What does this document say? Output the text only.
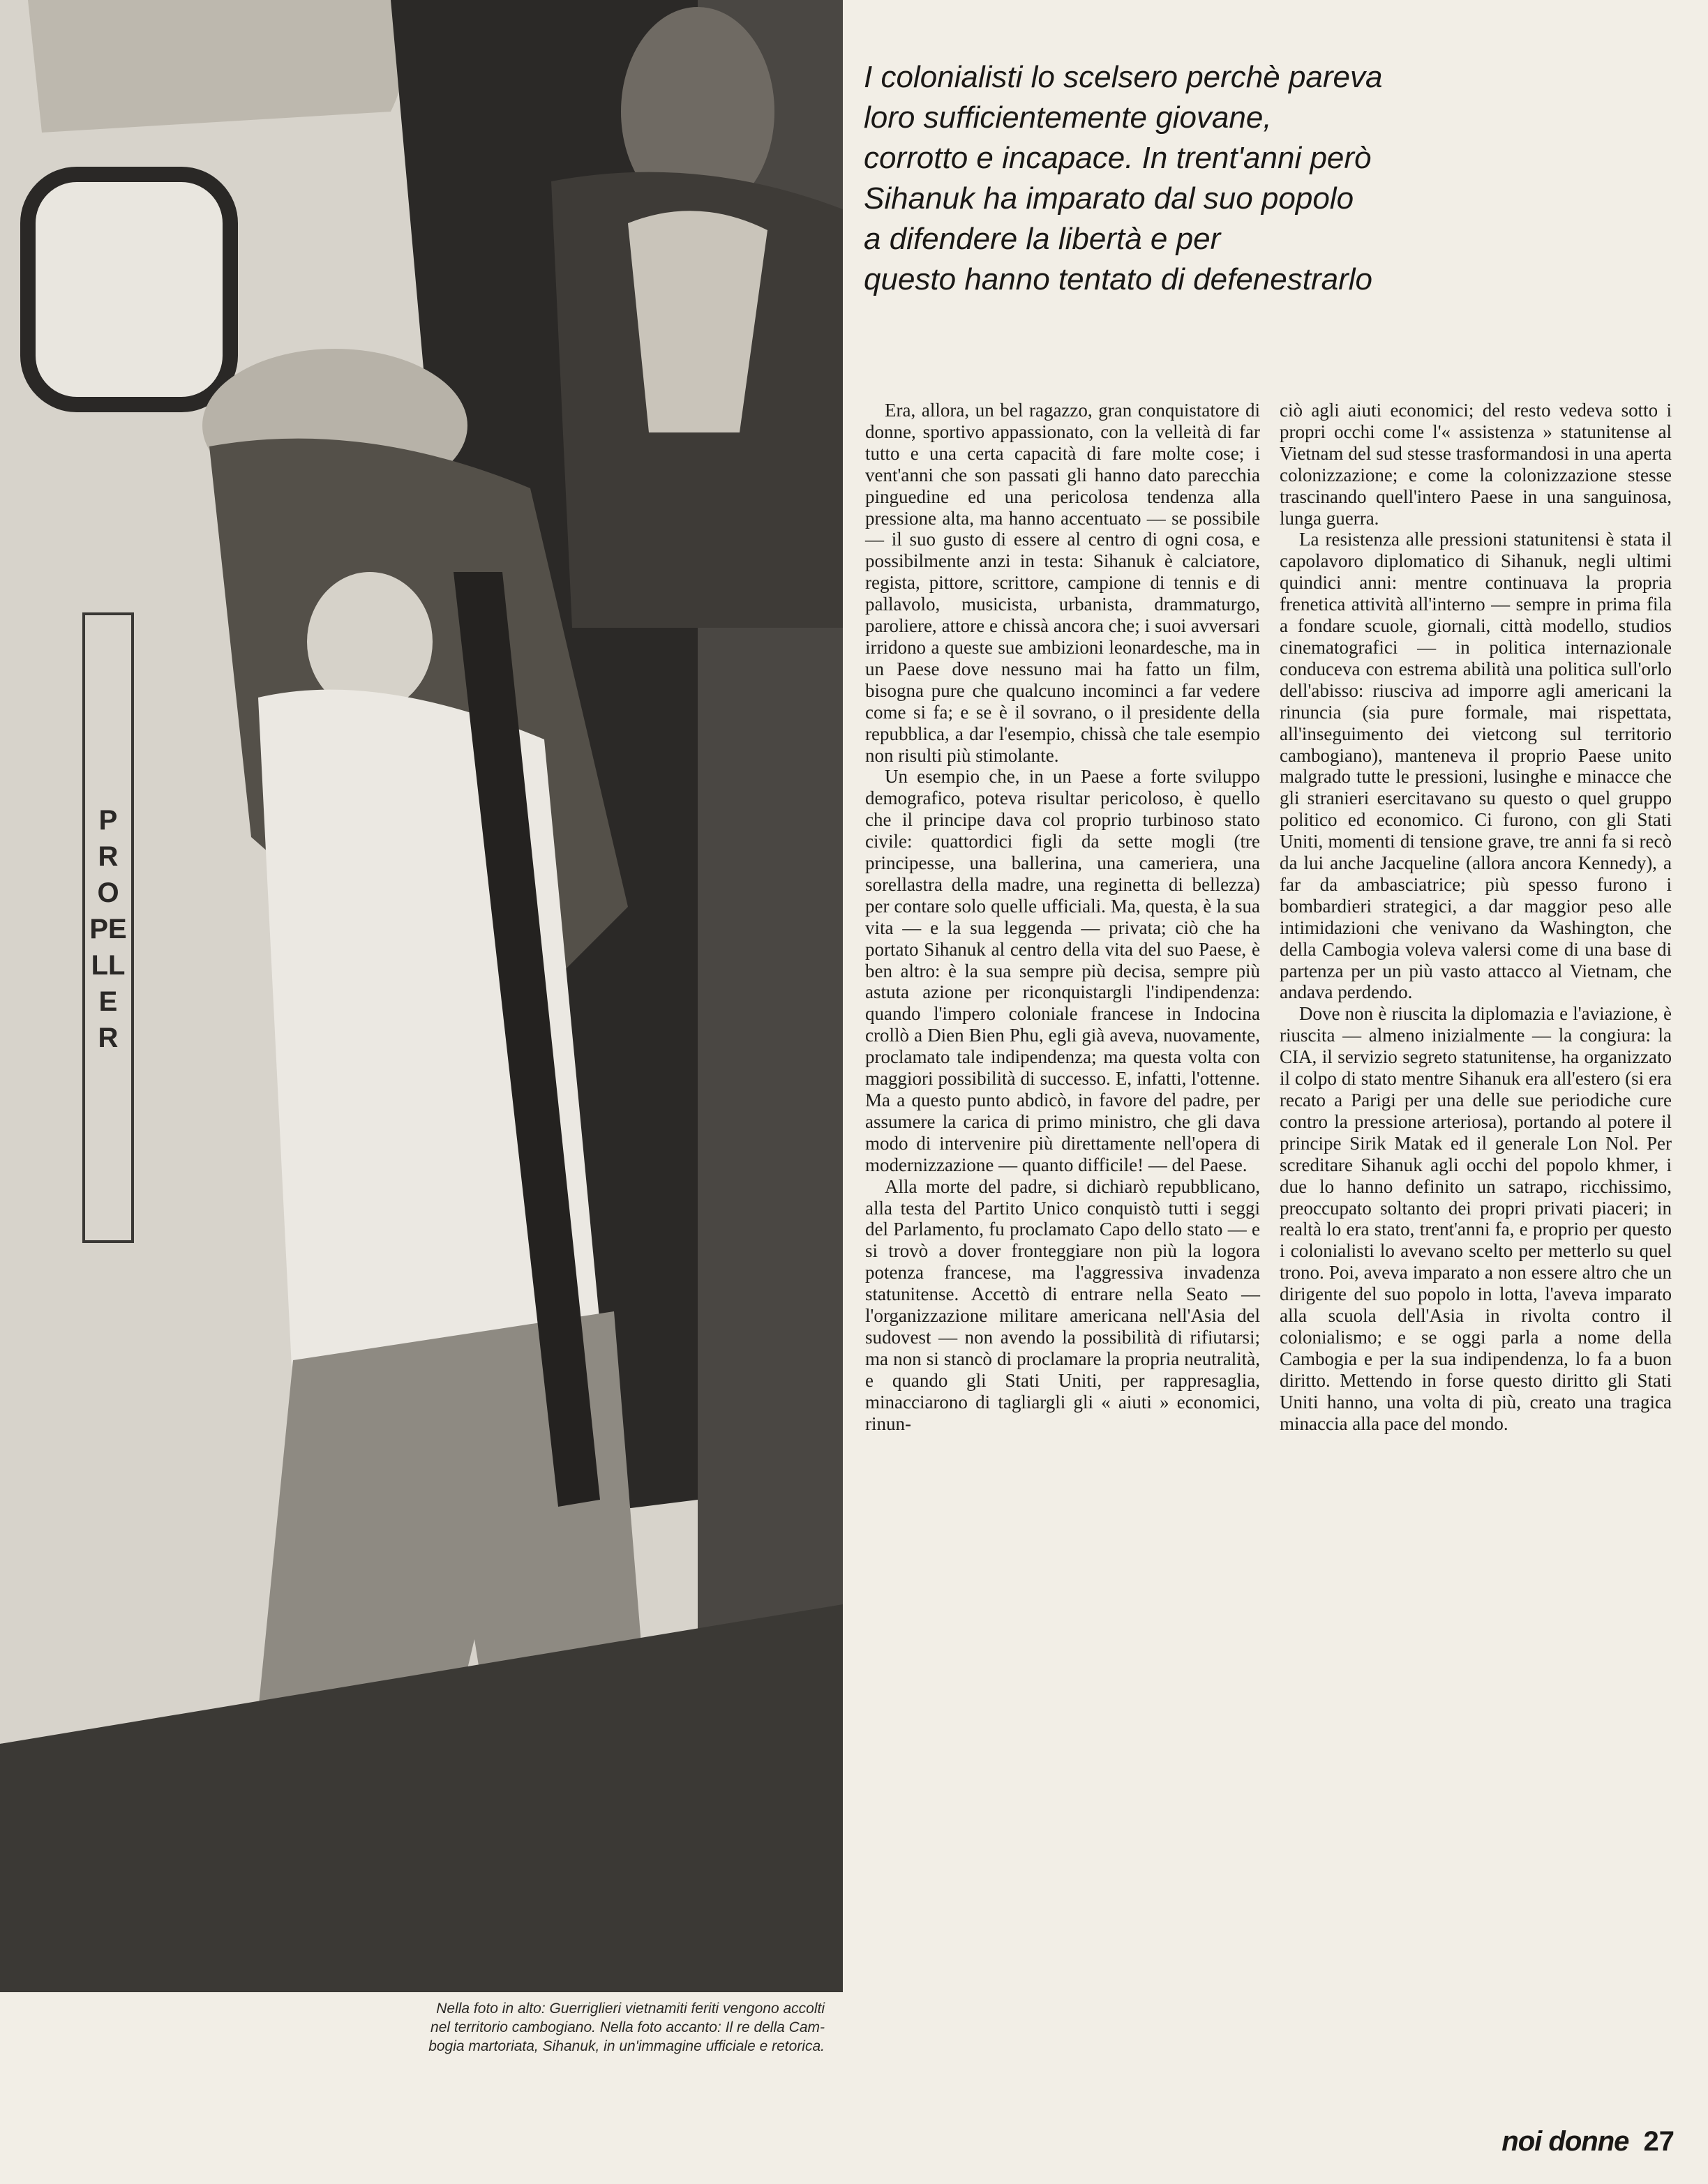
PROPELLER
Nella foto in alto: Guerriglieri vietnamiti feriti vengono accolti
nel territorio cambogiano. Nella foto accanto: Il re della Cam-
bogia martoriata, Sihanuk, in un'immagine ufficiale e retorica.
I colonialisti lo scelsero perchè pareva
loro sufficientemente giovane,
corrotto e incapace. In trent'anni però
Sihanuk ha imparato dal suo popolo
a difendere la libertà e per
questo hanno tentato di defenestrarlo

Era, allora, un bel ragazzo, gran conquistatore di donne, sportivo appassionato, con la velleità di far tutto e una certa capacità di fare molte cose; i vent'anni che son passati gli hanno dato parecchia pinguedine ed una pericolosa tendenza alla pressione alta, ma hanno accentuato — se possibile — il suo gusto di essere al centro di ogni cosa, e possibilmente anzi in testa: Sihanuk è calciatore, regista, pittore, scrittore, campione di tennis e di pallavolo, musicista, urbanista, drammaturgo, paroliere, attore e chissà ancora che; i suoi avversari irridono a queste sue ambizioni leonardesche, ma in un Paese dove nessuno mai ha fatto un film, bisogna pure che qualcuno incominci a far vedere come si fa; e se è il sovrano, o il presidente della repubblica, a dar l'esempio, chissà che tale esempio non risulti più stimolante.

Un esempio che, in un Paese a forte sviluppo demografico, poteva risultar pericoloso, è quello che il principe dava col proprio turbinoso stato civile: quattordici figli da sette mogli (tre principesse, una ballerina, una cameriera, una sorellastra della madre, una reginetta di bellezza) per contare solo quelle ufficiali. Ma, questa, è la sua vita — e la sua leggenda — privata; ciò che ha portato Sihanuk al centro della vita del suo Paese, è ben altro: è la sua sempre più decisa, sempre più astuta azione per riconquistargli l'indipendenza: quando l'impero coloniale francese in Indocina crollò a Dien Bien Phu, egli già aveva, nuovamente, proclamato tale indipendenza; ma questa volta con maggiori possibilità di successo. E, infatti, l'ottenne. Ma a questo punto abdicò, in favore del padre, per assumere la carica di primo ministro, che gli dava modo di intervenire più direttamente nell'opera di modernizzazione — quanto difficile! — del Paese.

Alla morte del padre, si dichiarò repubblicano, alla testa del Partito Unico conquistò tutti i seggi del Parlamento, fu proclamato Capo dello stato — e si trovò a dover fronteggiare non più la logora potenza francese, ma l'aggressiva invadenza statunitense. Accettò di entrare nella Seato — l'organizzazione militare americana nell'Asia del sudovest — non avendo la possibilità di rifiutarsi; ma non si stancò di proclamare la propria neutralità, e quando gli Stati Uniti, per rappresaglia, minacciarono di tagliargli gli « aiuti » economici, rinun-

ciò agli aiuti economici; del resto vedeva sotto i propri occhi come l'« assistenza » statunitense al Vietnam del sud stesse trasformandosi in una aperta colonizzazione; e come la colonizzazione stesse trascinando quell'intero Paese in una sanguinosa, lunga guerra.

La resistenza alle pressioni statunitensi è stata il capolavoro diplomatico di Sihanuk, negli ultimi quindici anni: mentre continuava la propria frenetica attività all'interno — sempre in prima fila a fondare scuole, giornali, città modello, studios cinematografici — in politica internazionale conduceva con estrema abilità una politica sull'orlo dell'abisso: riusciva ad imporre agli americani la rinuncia (sia pure formale, mai rispettata, all'inseguimento dei vietcong sul territorio cambogiano), manteneva il proprio Paese unito malgrado tutte le pressioni, lusinghe e minacce che gli stranieri esercitavano su questo o quel gruppo politico ed economico. Ci furono, con gli Stati Uniti, momenti di tensione grave, tre anni fa si recò da lui anche Jacqueline (allora ancora Kennedy), a far da ambasciatrice; più spesso furono i bombardieri strategici, a dar maggior peso alle intimidazioni che venivano da Washington, che della Cambogia voleva valersi come di una base di partenza per un più vasto attacco al Vietnam, che andava perdendo.

Dove non è riuscita la diplomazia e l'aviazione, è riuscita — almeno inizialmente — la congiura: la CIA, il servizio segreto statunitense, ha organizzato il colpo di stato mentre Sihanuk era all'estero (si era recato a Parigi per una delle sue periodiche cure contro la pressione arteriosa), portando al potere il principe Sirik Matak ed il generale Lon Nol. Per screditare Sihanuk agli occhi del popolo khmer, i due lo hanno definito un satrapo, ricchissimo, preoccupato soltanto dei propri privati piaceri; in realtà lo era stato, trent'anni fa, e proprio per questo i colonialisti lo avevano scelto per metterlo su quel trono. Poi, aveva imparato a non essere altro che un dirigente del suo popolo in lotta, l'aveva imparato alla scuola dell'Asia in rivolta contro il colonialismo; e se oggi parla a nome della Cambogia e per la sua indipendenza, lo fa a buon diritto. Mettendo in forse questo diritto gli Stati Uniti hanno, una volta di più, creato una tragica minaccia alla pace del mondo.

noi donne 27
